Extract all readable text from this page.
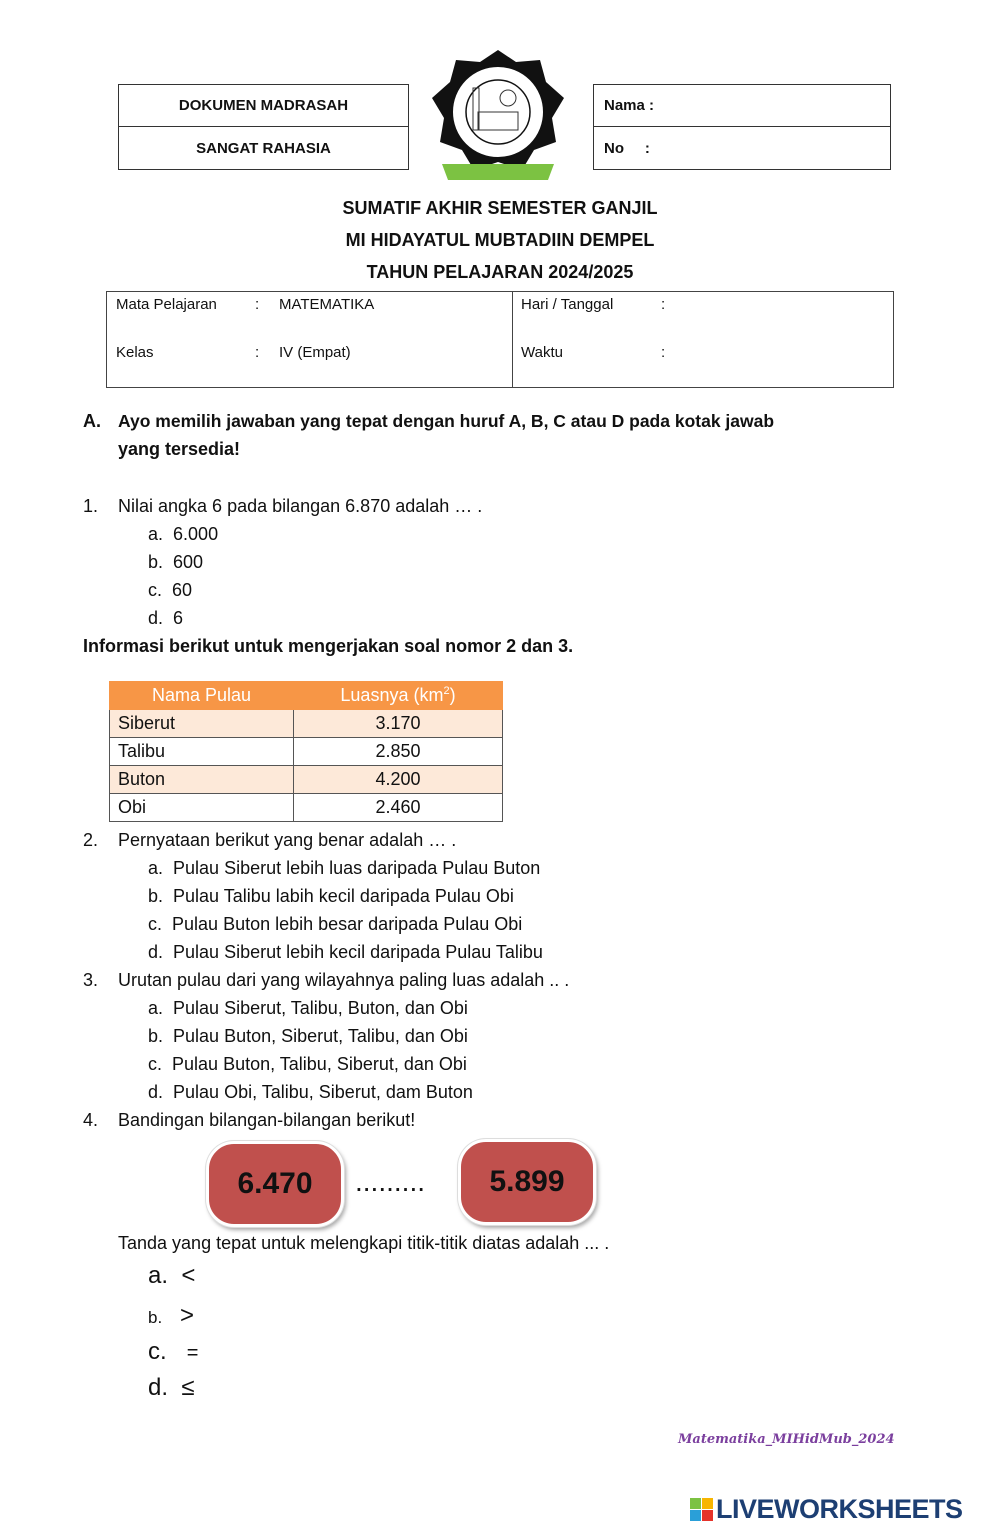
DOKUMEN MADRASAH
SANGAT RAHASIA
Nama :
No     :
SUMATIF AKHIR SEMESTER GANJIL
MI HIDAYATUL MUBTADIIN DEMPEL
TAHUN PELAJARAN 2024/2025
Mata Pelajaran	: MATEMATIKA
Kelas	: IV (Empat)
Hari / Tanggal	:
Waktu	:
A. Ayo memilih jawaban yang tepat dengan huruf A, B, C atau D pada kotak jawab
yang tersedia!
1. Nilai angka 6 pada bilangan 6.870 adalah … .
a. 6.000
b. 600
c. 60
d. 6
Informasi berikut untuk mengerjakan soal nomor 2 dan 3.
Nama Pulau	Luasnya $(km^2)$
Siberut	3.170
Talibu	2.850
Buton	4.200
Obi	2.460
2. Pernyataan berikut yang benar adalah … .
a. Pulau Siberut lebih luas daripada Pulau Buton
b. Pulau Talibu labih kecil daripada Pulau Obi
c. Pulau Buton lebih besar daripada Pulau Obi
d. Pulau Siberut lebih kecil daripada Pulau Talibu
3. Urutan pulau dari yang wilayahnya paling luas adalah .. .
a. Pulau Siberut, Talibu, Buton, dan Obi
b. Pulau Buton, Siberut, Talibu, dan Obi
c. Pulau Buton, Talibu, Siberut, dan Obi
d. Pulau Obi, Talibu, Siberut, dam Buton
4. Bandingan bilangan-bilangan berikut!
6.470	.........	5.899
Tanda yang tepat untuk melengkapi titik-titik diatas adalah ... .
a. <
b. >
c. =
d. ≤
Matematika_MIHidMub_2024
LIVEWORKSHEETS
